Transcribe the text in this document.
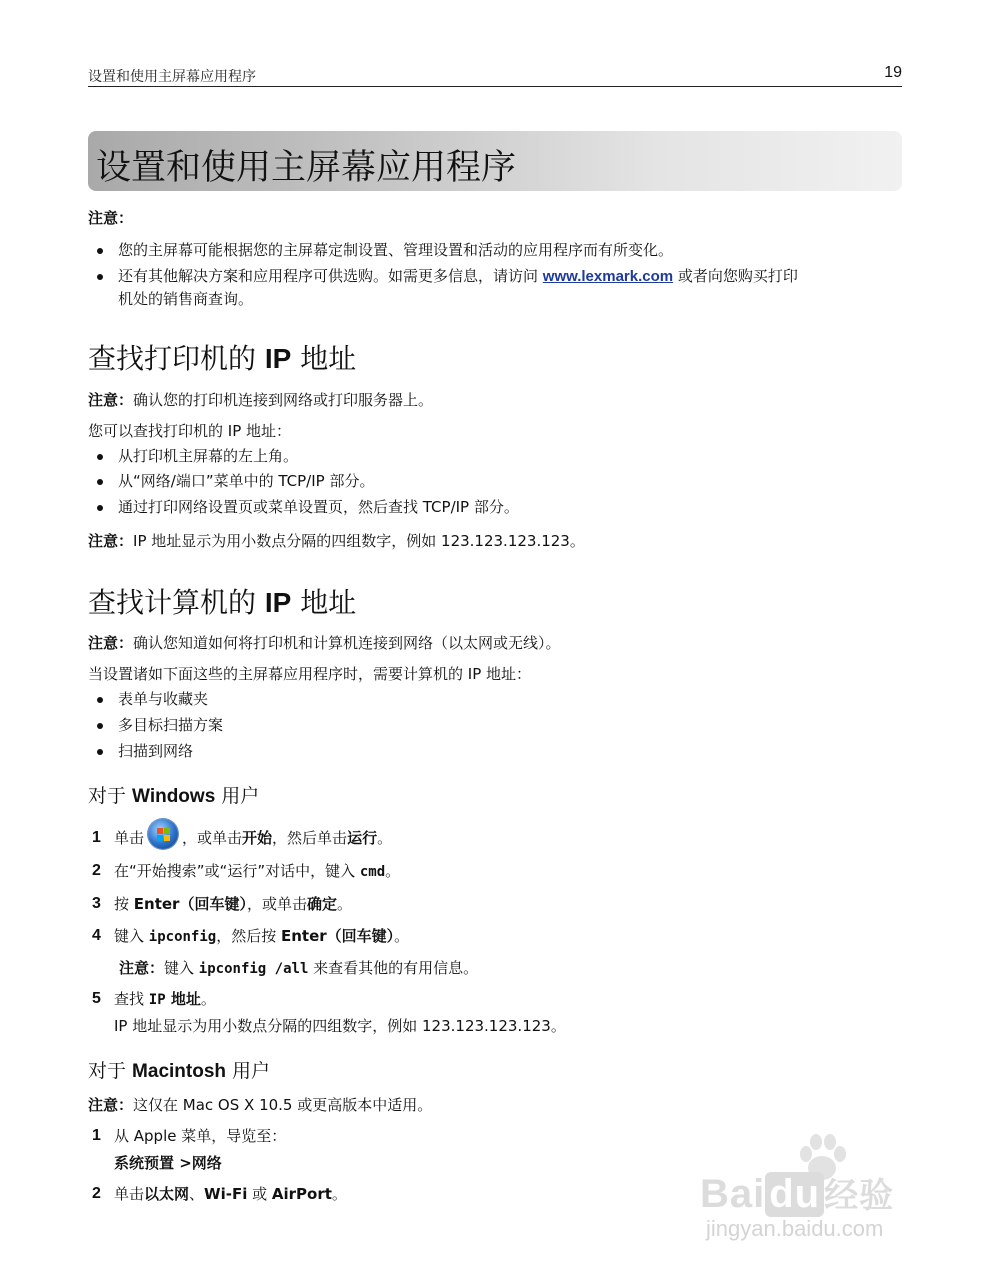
设置和使用主屏幕应用程序	19
设置和使用主屏幕应用程序
注意：
您的主屏幕可能根据您的主屏幕定制设置、管理设置和活动的应用程序而有所变化。
还有其他解决方案和应用程序可供选购。如需更多信息，请访问 www.lexmark.com 或者向您购买打印
机处的销售商查询。
查找打印机的 IP 地址
注意：确认您的打印机连接到网络或打印服务器上。
您可以查找打印机的 IP 地址：
从打印机主屏幕的左上角。
从“网络/端口”菜单中的 TCP/IP 部分。
通过打印网络设置页或菜单设置页，然后查找 TCP/IP 部分。
注意：IP 地址显示为用小数点分隔的四组数字，例如 123.123.123.123。
查找计算机的 IP 地址
注意：确认您知道如何将打印机和计算机连接到网络（以太网或无线）。
当设置诸如下面这些的主屏幕应用程序时，需要计算机的 IP 地址：
表单与收藏夹
多目标扫描方案
扫描到网络
对于 Windows 用户
1 单击	，或单击开始，然后单击运行。
2 在“开始搜索”或“运行”对话中，键入 cmd。
3 按 Enter（回车键），或单击确定。
4 键入 ipconfig，然后按 Enter（回车键）。
注意：键入 ipconfig /all 来查看其他的有用信息。
5 查找 IP 地址。
IP 地址显示为用小数点分隔的四组数字，例如 123.123.123.123。
对于 Macintosh 用户
注意：这仅在 Mac OS X 10.5 或更高版本中适用。
1 从 Apple 菜单，导览至：
系统预置 >网络
2 单击以太网、Wi-Fi 或 AirPort。	Bai du 经验
jingyan.baidu.com
